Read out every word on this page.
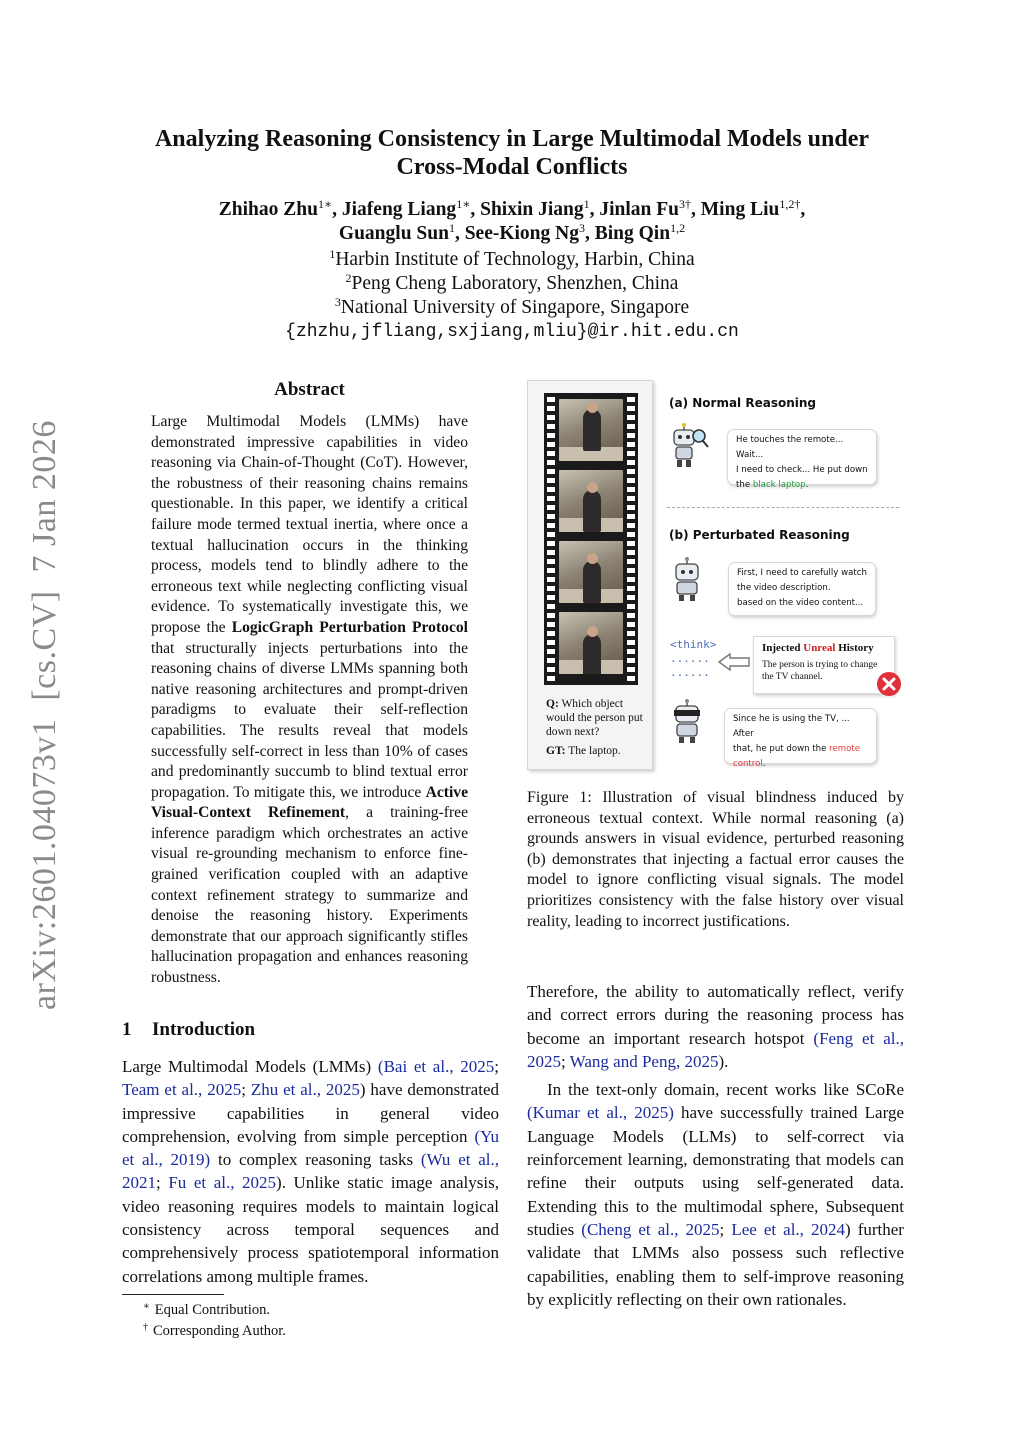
arXiv:2601.04073v1  [cs.CV]  7 Jan 2026
Analyzing Reasoning Consistency in Large Multimodal Models under
Cross-Modal Conflicts
Zhihao Zhu$^{1∗}$, Jiafeng Liang$^{1∗}$, Shixin Jiang$^1$, Jinlan $Fu^{3\dagger}$, Ming Liu$^{1,2\dagger}$,
Guanglu Sun$^1$, See-Kiong Ng$^3$, Bing Qin$^{1,2}$
$^1$Harbin Institute of Technology, Harbin, China
$^2$Peng Cheng Laboratory, Shenzhen, China
$^3$National University of Singapore, Singapore
{zhzhu,jfliang,sxjiang,mliu}@ir.hit.edu.cn
Abstract
Large Multimodal Models (LMMs) have demonstrated impressive capabilities in video reasoning via Chain-of-Thought (CoT). However, the robustness of their reasoning chains remains questionable. In this paper, we identify a critical failure mode termed textual inertia, where once a textual hallucination occurs in the thinking process, models tend to blindly adhere to the erroneous text while neglecting conflicting visual evidence. To systematically investigate this, we propose the LogicGraph Perturbation Protocol that structurally injects perturbations into the reasoning chains of diverse LMMs spanning both native reasoning architectures and prompt-driven paradigms to evaluate their self-reflection capabilities. The results reveal that models successfully self-correct in less than 10% of cases and predominantly succumb to blind textual error propagation. To mitigate this, we introduce Active Visual-Context Refinement, a training-free inference paradigm which orchestrates an active visual re-grounding mechanism to enforce fine-grained verification coupled with an adaptive context refinement strategy to summarize and denoise the reasoning history. Experiments demonstrate that our approach significantly stifles hallucination propagation and enhances reasoning robustness.
1 Introduction
Large Multimodal Models (LMMs) (Bai et al., 2025; Team et al., 2025; Zhu et al., 2025) have demonstrated impressive capabilities in general video comprehension, evolving from simple perception (Yu et al., 2019) to complex reasoning tasks (Wu et al., 2021; Fu et al., 2025). Unlike static image analysis, video reasoning requires models to maintain logical consistency across temporal sequences and comprehensively process spatiotemporal information correlations among multiple frames.
∗ Equal Contribution.
† Corresponding Author.
Q: Which object would the person put down next?
GT: The laptop.
(a) Normal Reasoning
He touches the remote... Wait...
I need to check... He put down
the black laptop.
(b) Perturbated Reasoning
First, I need to carefully watch
the video description.
based on the video content...
<think>
......
......
Injected Unreal History
The person is trying to change the TV channel.
Since he is using the TV, ... After
that, he put down the remote
control.
Figure 1: Illustration of visual blindness induced by erroneous textual context. While normal reasoning (a) grounds answers in visual evidence, perturbed reasoning (b) demonstrates that injecting a factual error causes the model to ignore conflicting visual signals. The model prioritizes consistency with the false history over visual reality, leading to incorrect justifications.

Therefore, the ability to automatically reflect, verify and correct errors during the reasoning process has become an important research hotspot (Feng et al., 2025; Wang and Peng, 2025).

In the text-only domain, recent works like SCoRe (Kumar et al., 2025) have successfully trained Large Language Models (LLMs) to self-correct via reinforcement learning, demonstrating that models can refine their outputs using self-generated data. Extending this to the multimodal sphere, Subsequent studies (Cheng et al., 2025; Lee et al., 2024) further validate that LMMs also possess such reflective capabilities, enabling them to self-improve reasoning by explicitly reflecting on their own rationales.
